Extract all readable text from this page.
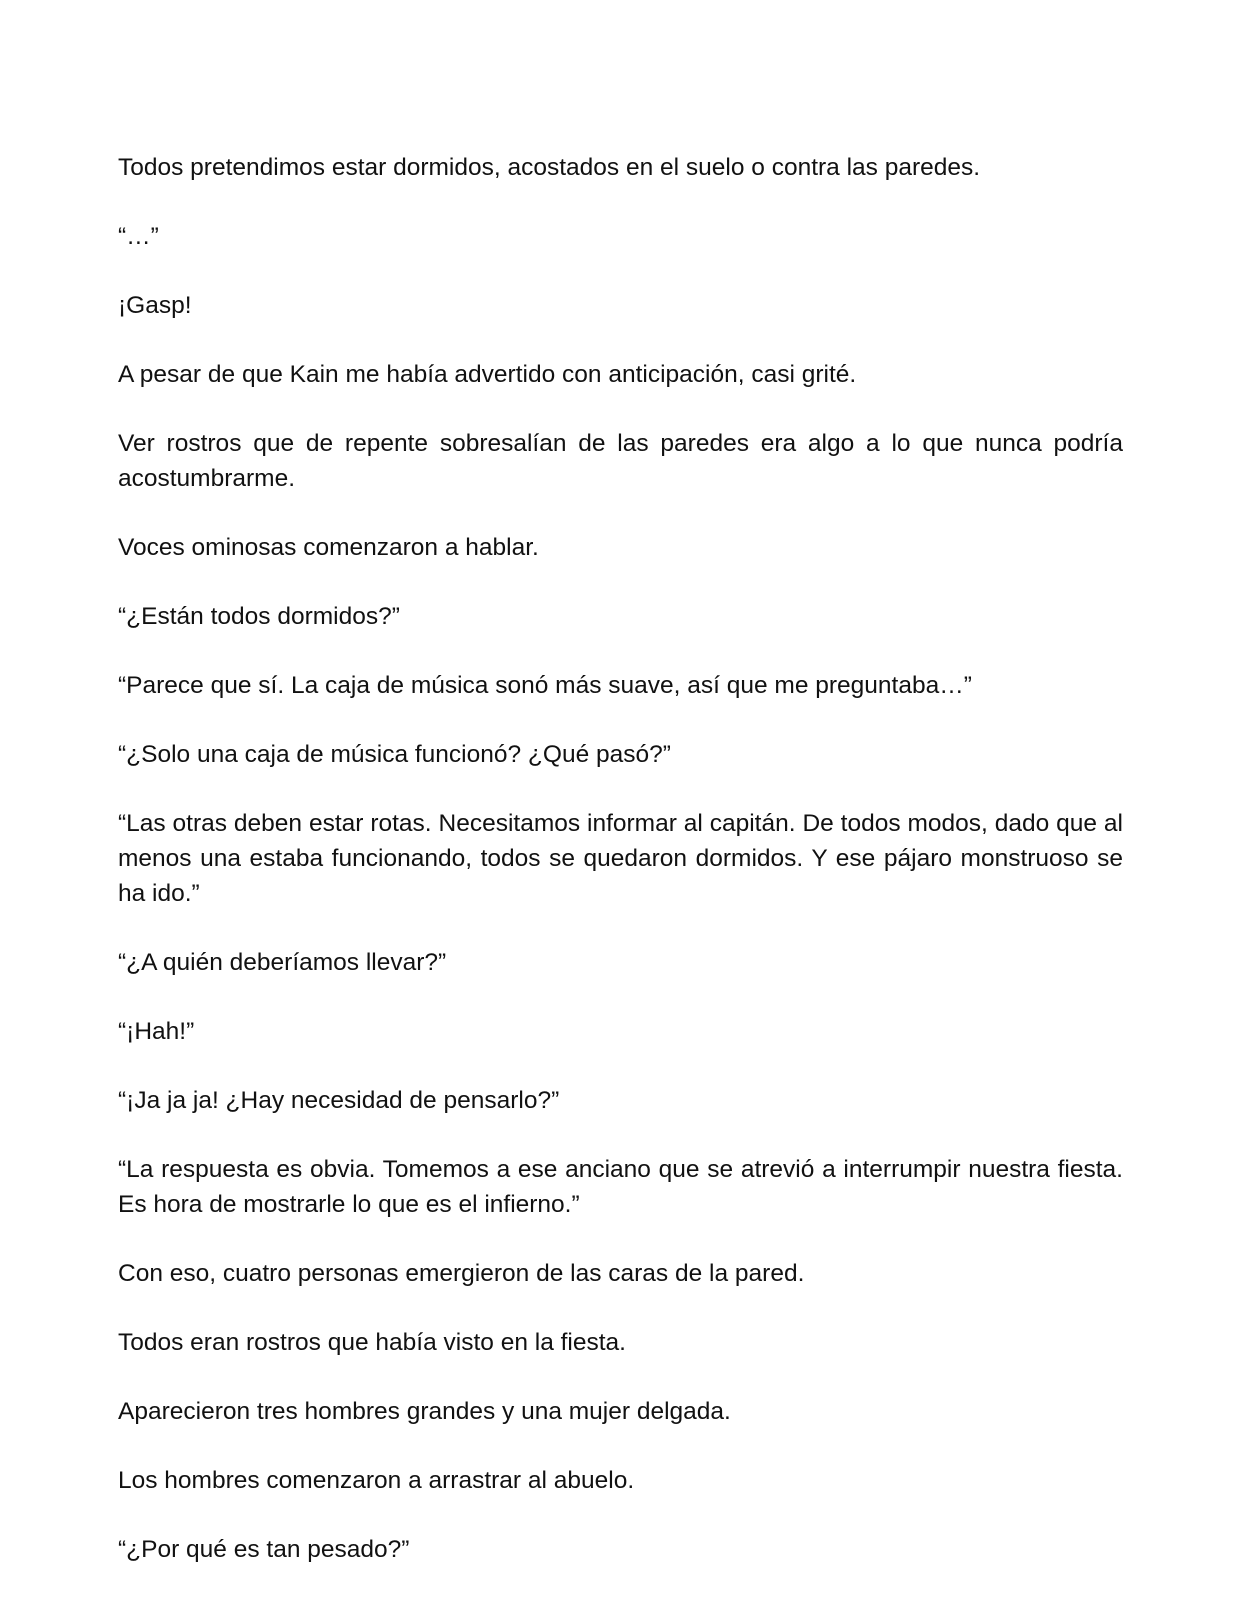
Todos pretendimos estar dormidos, acostados en el suelo o contra las paredes.

“…”

¡Gasp!

A pesar de que Kain me había advertido con anticipación, casi grité.

Ver rostros que de repente sobresalían de las paredes era algo a lo que nunca podría acostumbrarme.

Voces ominosas comenzaron a hablar.

“¿Están todos dormidos?”

“Parece que sí. La caja de música sonó más suave, así que me preguntaba…”

“¿Solo una caja de música funcionó? ¿Qué pasó?”

“Las otras deben estar rotas. Necesitamos informar al capitán. De todos modos, dado que al menos una estaba funcionando, todos se quedaron dormidos. Y ese pájaro monstruoso se ha ido.”

“¿A quién deberíamos llevar?”

“¡Hah!”

“¡Ja ja ja! ¿Hay necesidad de pensarlo?”

“La respuesta es obvia. Tomemos a ese anciano que se atrevió a interrumpir nuestra fiesta. Es hora de mostrarle lo que es el infierno.”

Con eso, cuatro personas emergieron de las caras de la pared.

Todos eran rostros que había visto en la fiesta.

Aparecieron tres hombres grandes y una mujer delgada.

Los hombres comenzaron a arrastrar al abuelo.

“¿Por qué es tan pesado?”
